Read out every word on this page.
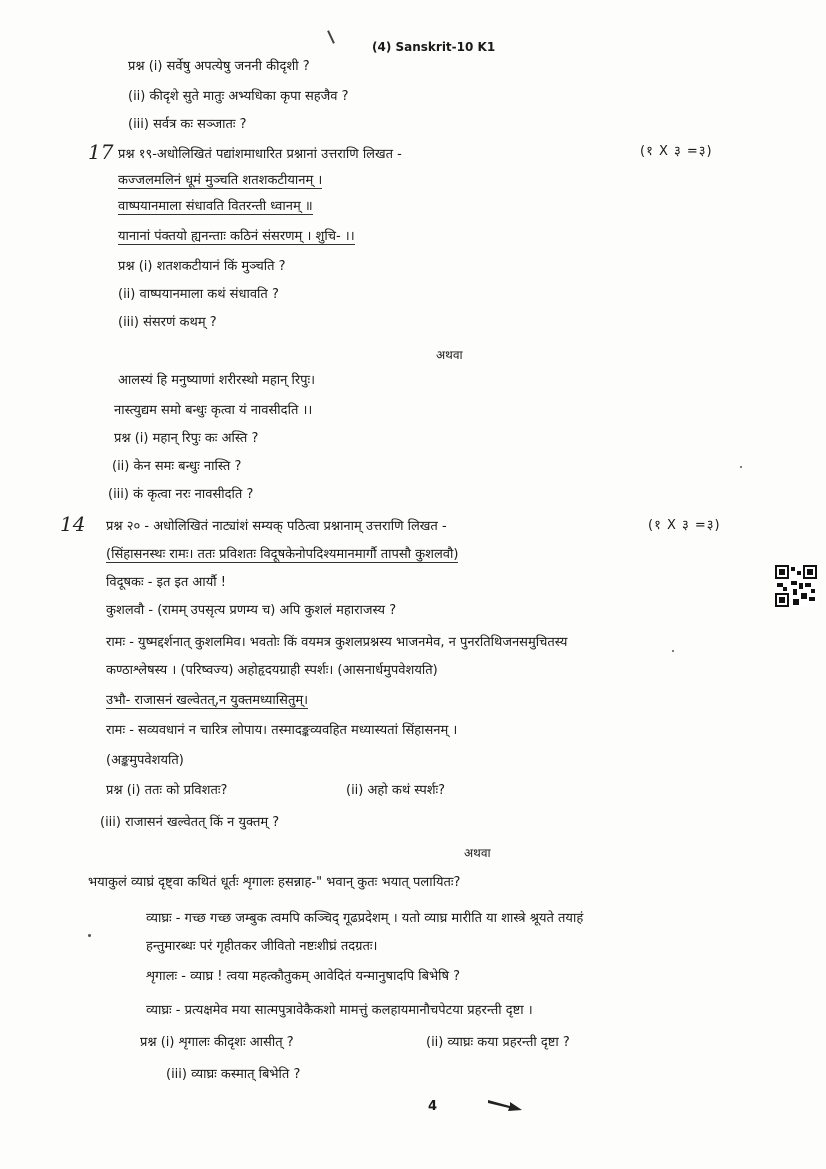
(4) Sanskrit-10 K1
प्रश्न (i) सर्वेषु अपत्येषु जननी कीदृशी ?
(ii) कीदृशे सुते मातुः अभ्यधिका कृपा सहजैव ?
(iii) सर्वत्र कः सञ्जातः ?
17 प्रश्न १९-अधोलिखितं पद्यांशमाधारित प्रश्नानां उत्तराणि लिखत -	(१ X ३ =३)
कज्जलमलिनं धूमं मुञ्चति शतशकटीयानम् ।
वाष्पयानमाला संधावति वितरन्ती ध्वानम् ॥
यानानां पंक्तयो ह्यनन्ताः कठिनं संसरणम् । शुचि- ।।
प्रश्न (i) शतशकटीयानं किं मुञ्चति ?
(ii) वाष्पयानमाला कथं संधावति ?
(iii) संसरणं कथम् ?
अथवा
आलस्यं हि मनुष्याणां शरीरस्थो महान् रिपुः।
नास्त्युद्यम समो बन्धुः कृत्वा यं नावसीदति ।।
प्रश्न (i) महान् रिपुः कः अस्ति ?
(ii) केन समः बन्धुः नास्ति ?
(iii) कं कृत्वा नरः नावसीदति ?
14 प्रश्न २० - अधोलिखितं नाट्यांशं सम्यक् पठित्वा प्रश्नानाम् उत्तराणि लिखत -	(१ X ३ =३)
(सिंहासनस्थः रामः। ततः प्रविशतः विदूषकेनोपदिश्यमानमार्गौ तापसौ कुशलवौ)
विदूषकः - इत इत आर्यौ !
कुशलवौ - (रामम् उपसृत्य प्रणम्य च) अपि कुशलं महाराजस्य ?
रामः - युष्मद्दर्शनात् कुशलमिव। भवतोः किं वयमत्र कुशलप्रश्नस्य भाजनमेव, न पुनरतिथिजनसमुचितस्य
कण्ठाश्लेषस्य । (परिष्वज्य) अहोहृदयग्राही स्पर्शः। (आसनार्धमुपवेशयति)
उभौ- राजासनं खल्वेतत्,न युक्तमध्यासितुम्।
रामः - सव्यवधानं न चारित्र लोपाय। तस्मादङ्कव्यवहित मध्यास्यतां सिंहासनम् ।
(अङ्कमुपवेशयति)
प्रश्न (i) ततः को प्रविशतः?	(ii) अहो कथं स्पर्शः?
(iii) राजासनं खल्वेतत् किं न युक्तम् ?
अथवा
भयाकुलं व्याघ्रं दृष्ट्वा कथितं धूर्तः शृगालः हसन्नाह-" भवान् कुतः भयात् पलायितः?
व्याघ्रः - गच्छ गच्छ जम्बुक त्वमपि कञ्चिद् गूढप्रदेशम् । यतो व्याघ्र मारीति या शास्त्रे श्रूयते तयाहं
हन्तुमारब्धः परं गृहीतकर जीवितो नष्टःशीघ्रं तदग्रतः।
शृगालः - व्याघ्र ! त्वया महत्कौतुकम् आवेदितं यन्मानुषादपि बिभेषि ?
व्याघ्रः - प्रत्यक्षमेव मया सात्मपुत्रावेकैकशो मामत्तुं कलहायमानौचपेटया प्रहरन्ती दृष्टा ।
प्रश्न (i) शृगालः कीदृशः आसीत् ?	(ii) व्याघ्रः कया प्रहरन्ती दृष्टा ?
(iii) व्याघ्रः कस्मात् बिभेति ?
4
